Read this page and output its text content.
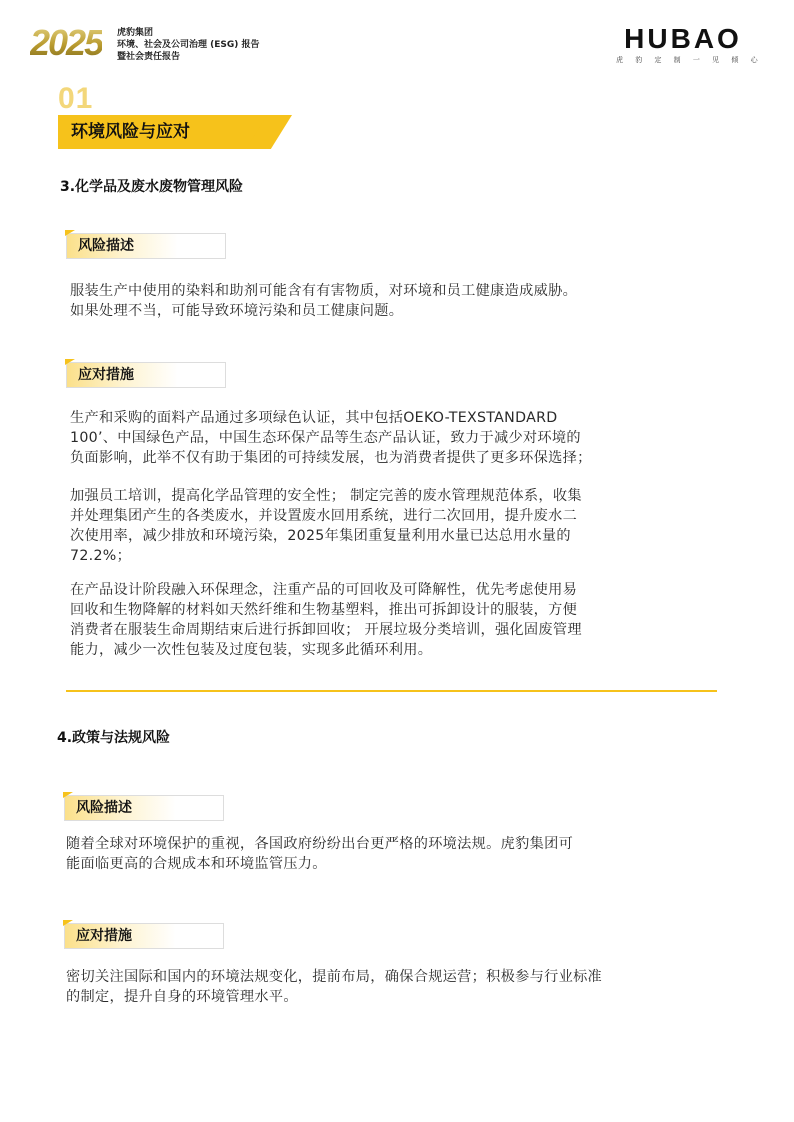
2025 虎豹集团
环境、社会及公司治理 (ESG) 报告
暨社会责任报告
HUBAO
虎 豹 定 制 一 见 倾 心
01
环境风险与应对
3.化学品及废水废物管理风险
风险描述
服装生产中使用的染料和助剂可能含有有害物质，对环境和员工健康造成威胁。
如果处理不当，可能导致环境污染和员工健康问题。
应对措施
生产和采购的面料产品通过多项绿色认证，其中包括OEKO-TEXSTANDARD
100’、中国绿色产品，中国生态环保产品等生态产品认证，致力于减少对环境的
负面影响，此举不仅有助于集团的可持续发展，也为消费者提供了更多环保选择；
加强员工培训，提高化学品管理的安全性； 制定完善的废水管理规范体系，收集
并处理集团产生的各类废水，并设置废水回用系统，进行二次回用，提升废水二
次使用率，减少排放和环境污染，2025年集团重复量利用水量已达总用水量的
72.2%；
在产品设计阶段融入环保理念，注重产品的可回收及可降解性，优先考虑使用易
回收和生物降解的材料如天然纤维和生物基塑料，推出可拆卸设计的服装，方便
消费者在服装生命周期结束后进行拆卸回收； 开展垃圾分类培训，强化固废管理
能力，减少一次性包装及过度包装，实现多此循环利用。
4.政策与法规风险
风险描述
随着全球对环境保护的重视，各国政府纷纷出台更严格的环境法规。虎豹集团可
能面临更高的合规成本和环境监管压力。
应对措施
密切关注国际和国内的环境法规变化，提前布局，确保合规运营；积极参与行业标准
的制定，提升自身的环境管理水平。
